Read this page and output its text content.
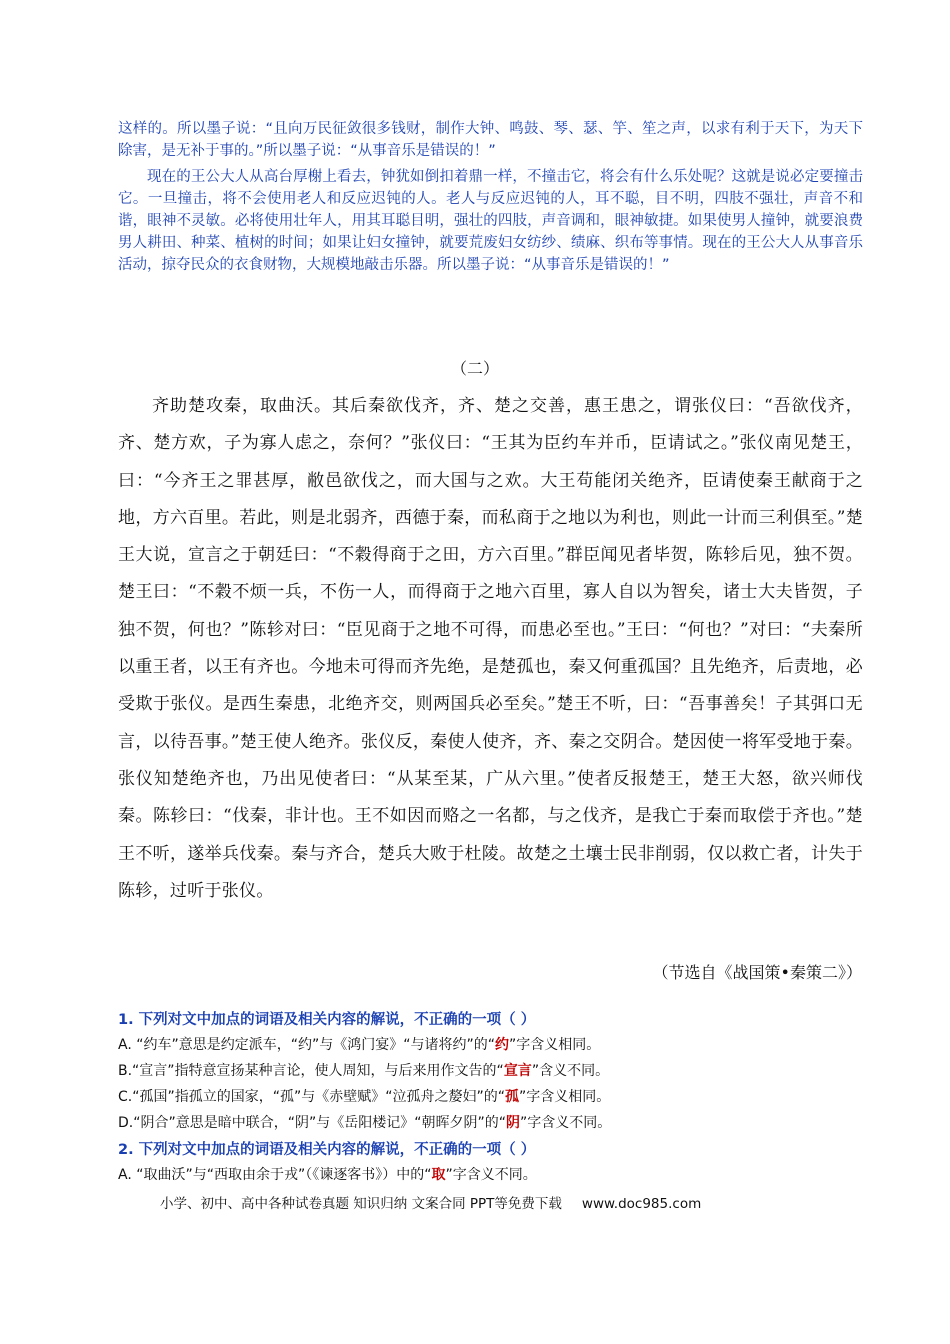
这样的。所以墨子说：“且向万民征敛很多钱财，制作大钟、鸣鼓、琴、瑟、竽、笙之声，以求有利于天下，为天下除害，是无补于事的。”所以墨子说：“从事音乐是错误的！”

现在的王公大人从高台厚榭上看去，钟犹如倒扣着鼎一样，不撞击它，将会有什么乐处呢？这就是说必定要撞击它。一旦撞击，将不会使用老人和反应迟钝的人。老人与反应迟钝的人，耳不聪，目不明，四肢不强壮，声音不和谐，眼神不灵敏。必将使用壮年人，用其耳聪目明，强壮的四肢，声音调和，眼神敏捷。如果使男人撞钟，就要浪费男人耕田、种菜、植树的时间；如果让妇女撞钟，就要荒废妇女纺纱、绩麻、织布等事情。现在的王公大人从事音乐活动，掠夺民众的衣食财物，大规模地敲击乐器。所以墨子说：“从事音乐是错误的！”

（二）

齐助楚攻秦，取曲沃。其后秦欲伐齐，齐、楚之交善，惠王患之，谓张仪曰：“吾欲伐齐，齐、楚方欢，子为寡人虑之，奈何？”张仪曰：“王其为臣约车并币，臣请试之。”张仪南见楚王，曰：“今齐王之罪甚厚，敝邑欲伐之，而大国与之欢。大王苟能闭关绝齐，臣请使秦王献商于之地，方六百里。若此，则是北弱齐，西德于秦，而私商于之地以为利也，则此一计而三利俱至。”楚王大说，宣言之于朝廷曰：“不穀得商于之田，方六百里。”群臣闻见者毕贺，陈轸后见，独不贺。楚王曰：“不穀不烦一兵，不伤一人，而得商于之地六百里，寡人自以为智矣，诸士大夫皆贺，子独不贺，何也？”陈轸对曰：“臣见商于之地不可得，而患必至也。”王曰：“何也？”对曰：“夫秦所以重王者，以王有齐也。今地未可得而齐先绝，是楚孤也，秦又何重孤国？且先绝齐，后责地，必受欺于张仪。是西生秦患，北绝齐交，则两国兵必至矣。”楚王不听，曰：“吾事善矣！子其弭口无言，以待吾事。”楚王使人绝齐。张仪反，秦使人使齐，齐、秦之交阴合。楚因使一将军受地于秦。张仪知楚绝齐也，乃出见使者曰：“从某至某，广从六里。”使者反报楚王，楚王大怒，欲兴师伐秦。陈轸曰：“伐秦，非计也。王不如因而赂之一名都，与之伐齐，是我亡于秦而取偿于齐也。”楚王不听，遂举兵伐秦。秦与齐合，楚兵大败于杜陵。故楚之土壤士民非削弱，仅以救亡者，计失于陈轸，过听于张仪。

（节选自《战国策•秦策二》）
1. 下列对文中加点的词语及相关内容的解说，不正确的一项（ ）
A. “约车”意思是约定派车，“约”与《鸿门宴》“与诸将约”的“约”字含义相同。
B.“宣言”指特意宣扬某种言论，使人周知，与后来用作文告的“宣言”含义不同。
C.“孤国”指孤立的国家，“孤”与《赤壁赋》“泣孤舟之嫠妇”的“孤”字含义相同。
D.“阴合”意思是暗中联合，“阴”与《岳阳楼记》“朝晖夕阴”的“阴”字含义不同。
2. 下列对文中加点的词语及相关内容的解说，不正确的一项（ ）
A. “取曲沃”与“西取由余于戎”（《谏逐客书》）中的“取”字含义不同。
小学、初中、高中各种试卷真题 知识归纳 文案合同 PPT等免费下载 www.doc985.com
